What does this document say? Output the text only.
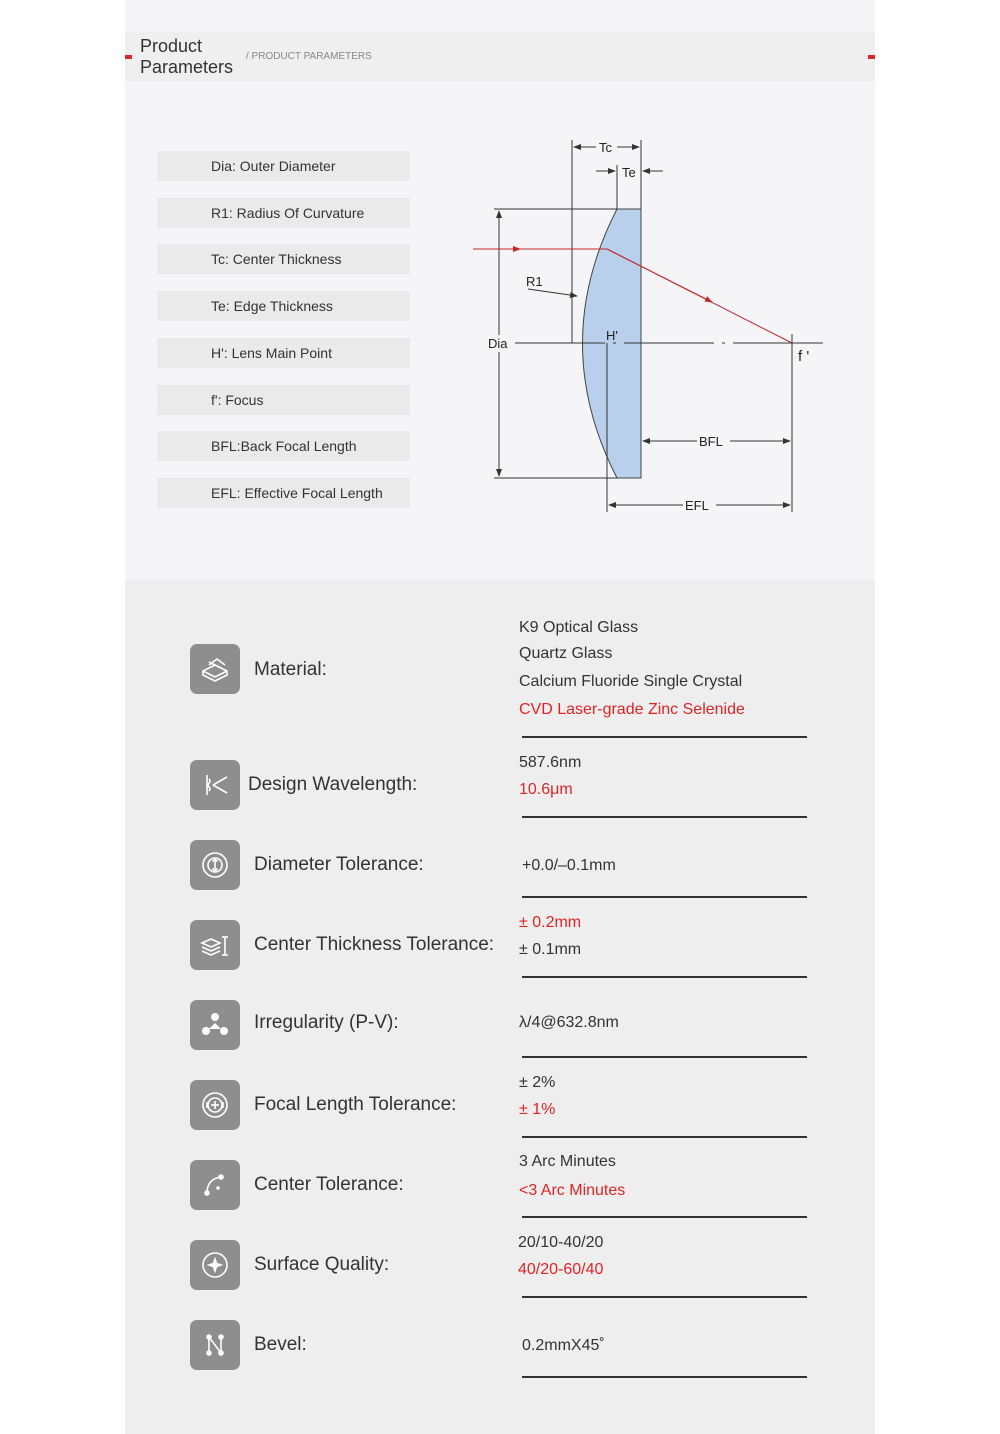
Product
Parameters
/ PRODUCT PARAMETERS
Dia: Outer Diameter
R1: Radius Of Curvature
Tc: Center Thickness
Te: Edge Thickness
H': Lens Main Point
f': Focus
BFL:Back Focal Length
EFL: Effective Focal Length
Tc
Te
Dia
R1
H'
f '
BFL
EFL
Material:
K9 Optical Glass
Quartz Glass
Calcium Fluoride Single Crystal
CVD Laser-grade Zinc Selenide
Design Wavelength:
587.6nm
10.6μm
Diameter Tolerance:	+0.0/–0.1mm
Center Thickness Tolerance:
± 0.2mm
± 0.1mm
Irregularity (P-V):	λ/4@632.8nm
Focal Length Tolerance:
± 2%
± 1%
Center Tolerance:
3 Arc Minutes
<3 Arc Minutes
Surface Quality:
20/10-40/20
40/20-60/40
Bevel:	0.2mmX45˚
